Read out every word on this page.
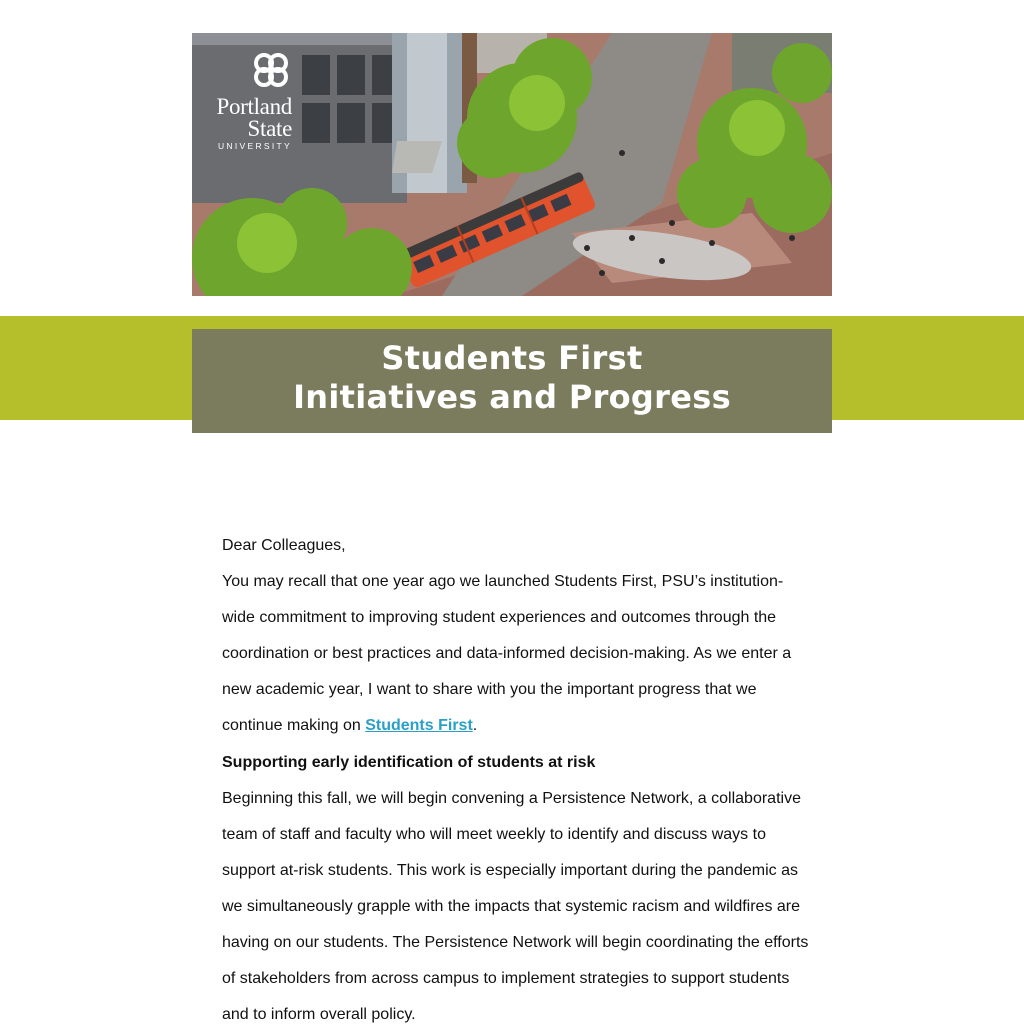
Portland
State
UNIVERSITY
Students First
Initiatives and Progress

Dear Colleagues,

You may recall that one year ago we launched Students First, PSU’s institution-wide commitment to improving student experiences and outcomes through the coordination or best practices and data-informed decision-making. As we enter a new academic year, I want to share with you the important progress that we continue making on Students First.

Supporting early identification of students at risk

Beginning this fall, we will begin convening a Persistence Network, a collaborative team of staff and faculty who will meet weekly to identify and discuss ways to support at-risk students. This work is especially important during the pandemic as we simultaneously grapple with the impacts that systemic racism and wildfires are having on our students. The Persistence Network will begin coordinating the efforts of stakeholders from across campus to implement strategies to support students and to inform overall policy.
